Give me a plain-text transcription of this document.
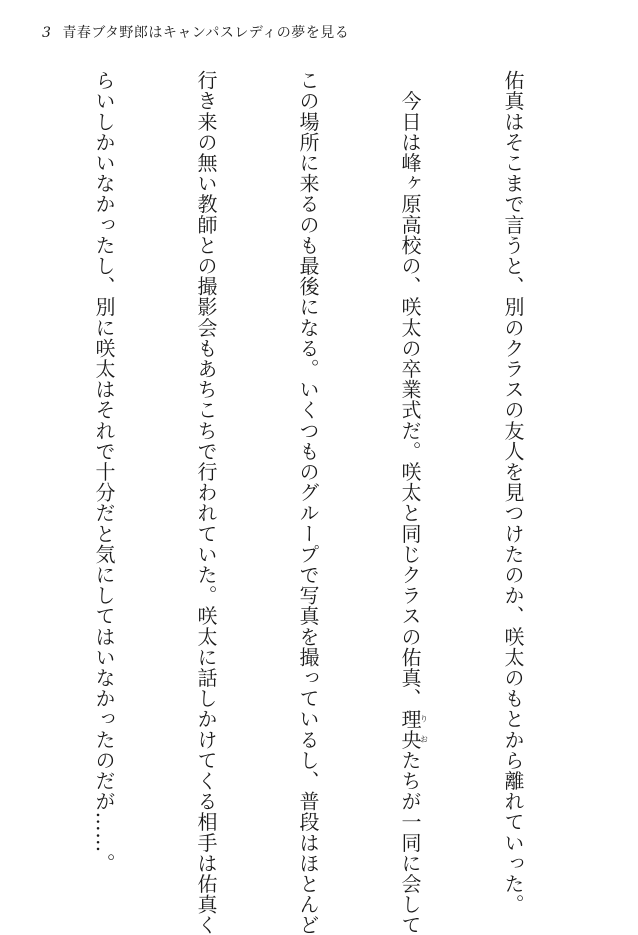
3 青春ブタ野郎はキャンパスレディの夢を見る

佑真はそこまで言うと、別のクラスの友人を見つけたのか、咲太のもとから離れていった。

　今日は峰ヶ原高校の、咲太の卒業式だ。咲太と同じクラスの佑真、理央りおたちが一同に会して

この場所に来るのも最後になる。いくつものグループで写真を撮っているし、普段はほとんど

行き来の無い教師との撮影会もあちこちで行われていた。咲太に話しかけてくる相手は佑真く

らいしかいなかったし、別に咲太はそれで十分だと気にしてはいなかったのだが……。
